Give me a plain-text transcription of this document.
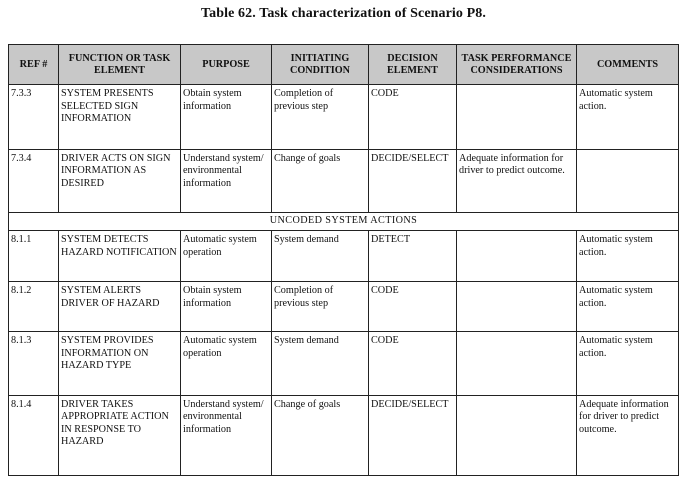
Table 62. Task characterization of Scenario P8.
REF #	FUNCTION OR TASK ELEMENT	PURPOSE	INITIATING CONDITION	DECISION ELEMENT	TASK PERFORMANCE CONSIDERATIONS	COMMENTS
7.3.3	SYSTEM PRESENTS SELECTED SIGN INFORMATION	Obtain system information	Completion of previous step	CODE		Automatic system action.
7.3.4	DRIVER ACTS ON SIGN INFORMATION AS DESIRED	Understand system/ environmental information	Change of goals	DECIDE/SELECT	Adequate information for driver to predict outcome.	
UNCODED SYSTEM ACTIONS						
8.1.1	SYSTEM DETECTS HAZARD NOTIFICATION	Automatic system operation	System demand	DETECT		Automatic system action.
8.1.2	SYSTEM ALERTS DRIVER OF HAZARD	Obtain system information	Completion of previous step	CODE		Automatic system action.
8.1.3	SYSTEM PROVIDES INFORMATION ON HAZARD TYPE	Automatic system operation	System demand	CODE		Automatic system action.
8.1.4	DRIVER TAKES APPROPRIATE ACTION IN RESPONSE TO HAZARD	Understand system/ environmental information	Change of goals	DECIDE/SELECT		Adequate information for driver to predict outcome.
